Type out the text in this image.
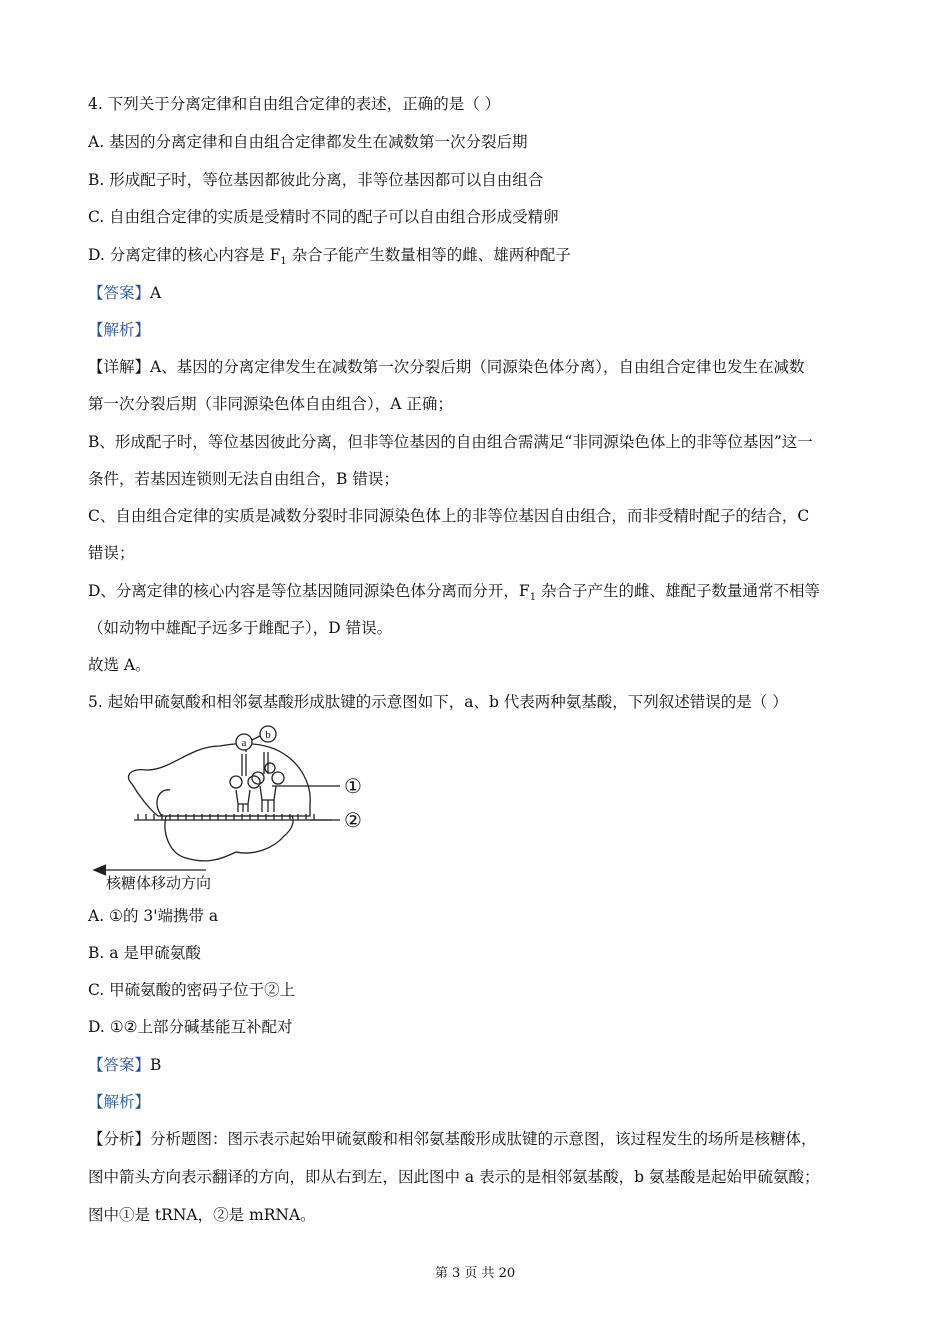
4. 下列关于分离定律和自由组合定律的表述，正确的是（ ）
A. 基因的分离定律和自由组合定律都发生在减数第一次分裂后期
B. 形成配子时，等位基因都彼此分离，非等位基因都可以自由组合
C. 自由组合定律的实质是受精时不同的配子可以自由组合形成受精卵
D. 分离定律的核心内容是 $F_1$ 杂合子能产生数量相等的雌、雄两种配子
【答案】A
【解析】
【详解】A、基因的分离定律发生在减数第一次分裂后期（同源染色体分离），自由组合定律也发生在减数
第一次分裂后期（非同源染色体自由组合），A 正确；
B、形成配子时，等位基因彼此分离，但非等位基因的自由组合需满足“非同源染色体上的非等位基因”这一
条件，若基因连锁则无法自由组合，B 错误；
C、自由组合定律的实质是减数分裂时非同源染色体上的非等位基因自由组合，而非受精时配子的结合，C
错误；
D、分离定律的核心内容是等位基因随同源染色体分离而分开，$F_1$ 杂合子产生的雌、雄配子数量通常不相等
（如动物中雄配子远多于雌配子），D 错误。
故选 A。
5. 起始甲硫氨酸和相邻氨基酸形成肽键的示意图如下，a、b 代表两种氨基酸，下列叙述错误的是（ ）
a
b
①
②
核糖体移动方向
A. ①的 3'端携带 a
B. a 是甲硫氨酸
C. 甲硫氨酸的密码子位于②上
D. ①②上部分碱基能互补配对
【答案】B
【解析】
【分析】分析题图：图示表示起始甲硫氨酸和相邻氨基酸形成肽键的示意图，该过程发生的场所是核糖体，
图中箭头方向表示翻译的方向，即从右到左，因此图中 a 表示的是相邻氨基酸，b 氨基酸是起始甲硫氨酸；
图中①是 tRNA，②是 mRNA。
第 3 页 共 20
